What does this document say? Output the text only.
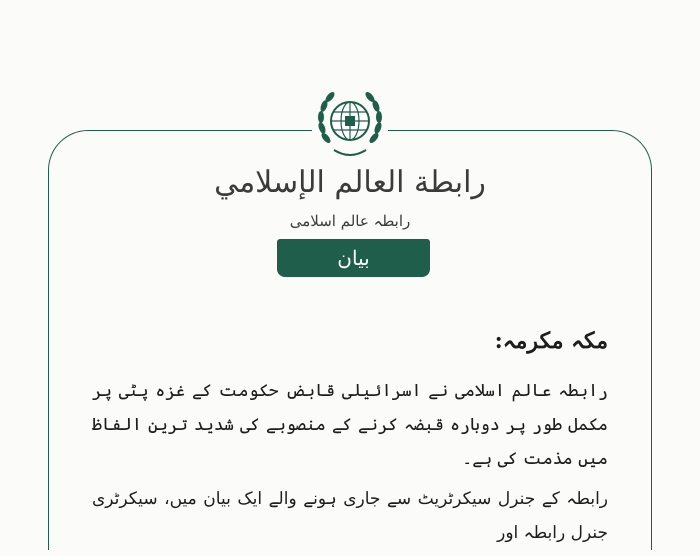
رابطة العالم الإسلامي
رابطہ عالم اسلامی
بیان

مکہ مکرمہ:

رابطہ عالم اسلامی نے اسرائیلی قابض حکومت کے غزہ پٹی پر مکمل طور پر دوبارہ قبضہ کرنے کے منصوبے کی شدید ترین الفاظ میں مذمت کی ہے۔

رابطہ کے جنرل سیکرٹریٹ سے جاری ہونے والے ایک بیان میں، سیکرٹری جنرل رابطہ اور
